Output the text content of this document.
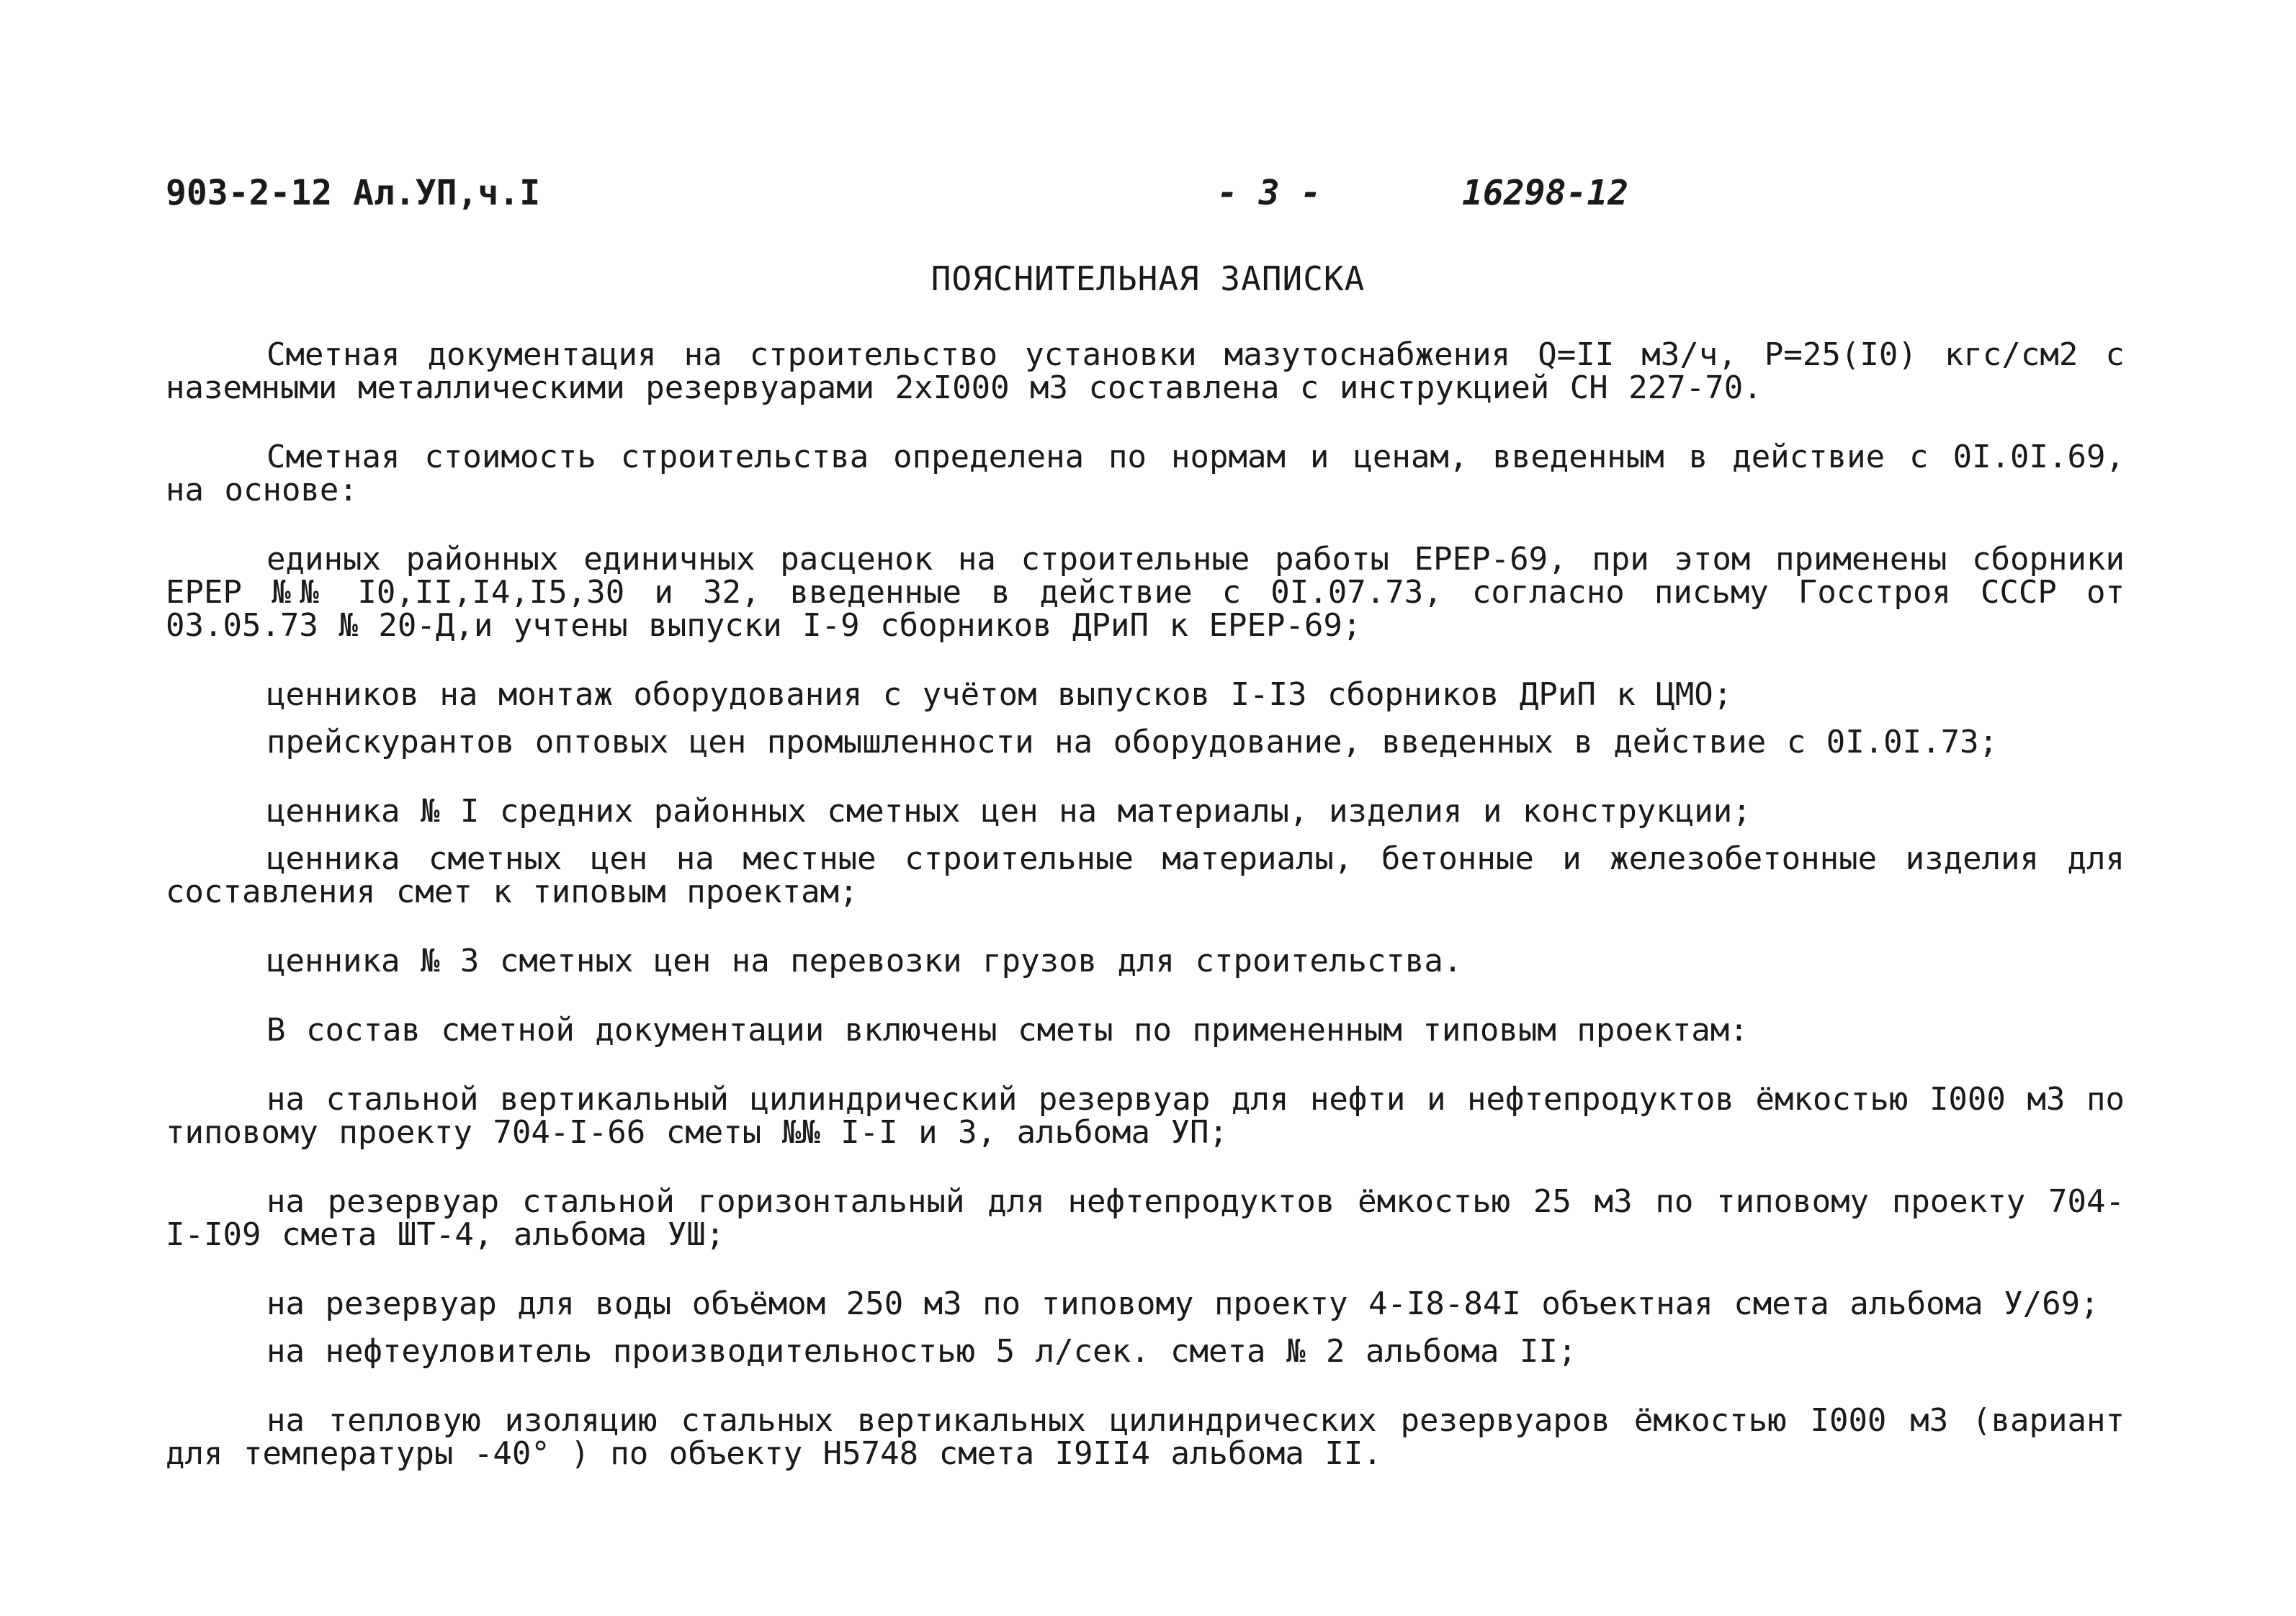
903-2-12 Ал.УП,ч.I	- 3 -	16298-12
ПОЯСНИТЕЛЬНАЯ ЗАПИСКА

Сметная документация на строительство установки мазутоснабжения Q=II м3/ч, P=25(I0) кгс/см2 с наземными металлическими резервуарами 2xI000 м3 составлена с инструкцией СН 227-70.

Сметная стоимость строительства определена по нормам и ценам, введенным в действие с 0I.0I.69, на основе:

единых районных единичных расценок на строительные работы ЕРЕР-69, при этом применены сборники ЕРЕР №№ I0,II,I4,I5,30 и 32, введенные в действие с 0I.07.73, согласно письму Госстроя СССР от 03.05.73 № 20-Д,и учтены выпуски I-9 сборников ДРиП к ЕРЕР-69;

ценников на монтаж оборудования с учётом выпусков I-I3 сборников ДРиП к ЦМО;

прейскурантов оптовых цен промышленности на оборудование, введенных в действие с 0I.0I.73;

ценника № I средних районных сметных цен на материалы, изделия и конструкции;

ценника сметных цен на местные строительные материалы, бетонные и железобетонные изделия для составления смет к типовым проектам;

ценника № 3 сметных цен на перевозки грузов для строительства.

В состав сметной документации включены сметы по примененным типовым проектам:

на стальной вертикальный цилиндрический резервуар для нефти и нефтепродуктов ёмкостью I000 м3 по типовому проекту 704-I-66 сметы №№ I-I и 3, альбома УП;

на резервуар стальной горизонтальный для нефтепродуктов ёмкостью 25 м3 по типовому проекту 704-I-I09 смета ШТ-4, альбома УШ;

на резервуар для воды объёмом 250 м3 по типовому проекту 4-I8-84I объектная смета альбома У/69;

на нефтеуловитель производительностью 5 л/сек. смета № 2 альбома II;

на тепловую изоляцию стальных вертикальных цилиндрических резервуаров ёмкостью I000 м3 (вариант для температуры -40° ) по объекту Н5748 смета I9II4 альбома II.
